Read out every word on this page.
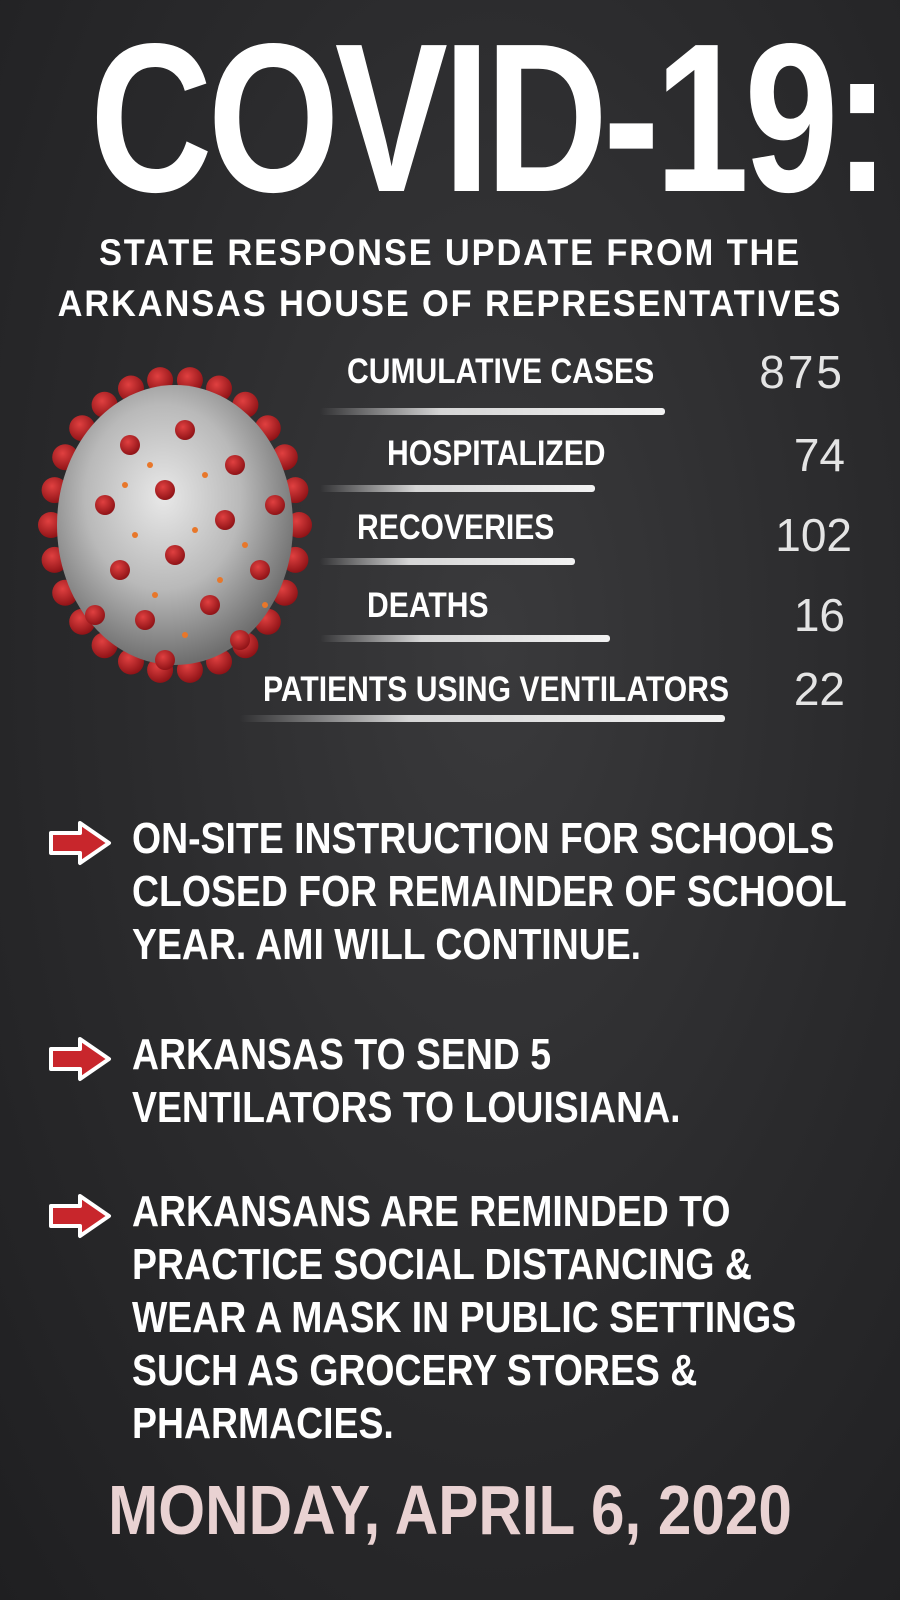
COVID-19:
STATE RESPONSE UPDATE FROM THE
ARKANSAS HOUSE OF REPRESENTATIVES
CUMULATIVE CASES 875
HOSPITALIZED	74
RECOVERIES	102
DEATHS	16
PATIENTS USING VENTILATORS 22
ON-SITE INSTRUCTION FOR SCHOOLS
CLOSED FOR REMAINDER OF SCHOOL
YEAR. AMI WILL CONTINUE.
ARKANSAS TO SEND 5
VENTILATORS TO LOUISIANA.
ARKANSANS ARE REMINDED TO
PRACTICE SOCIAL DISTANCING &
WEAR A MASK IN PUBLIC SETTINGS
SUCH AS GROCERY STORES &
PHARMACIES.
MONDAY, APRIL 6, 2020
